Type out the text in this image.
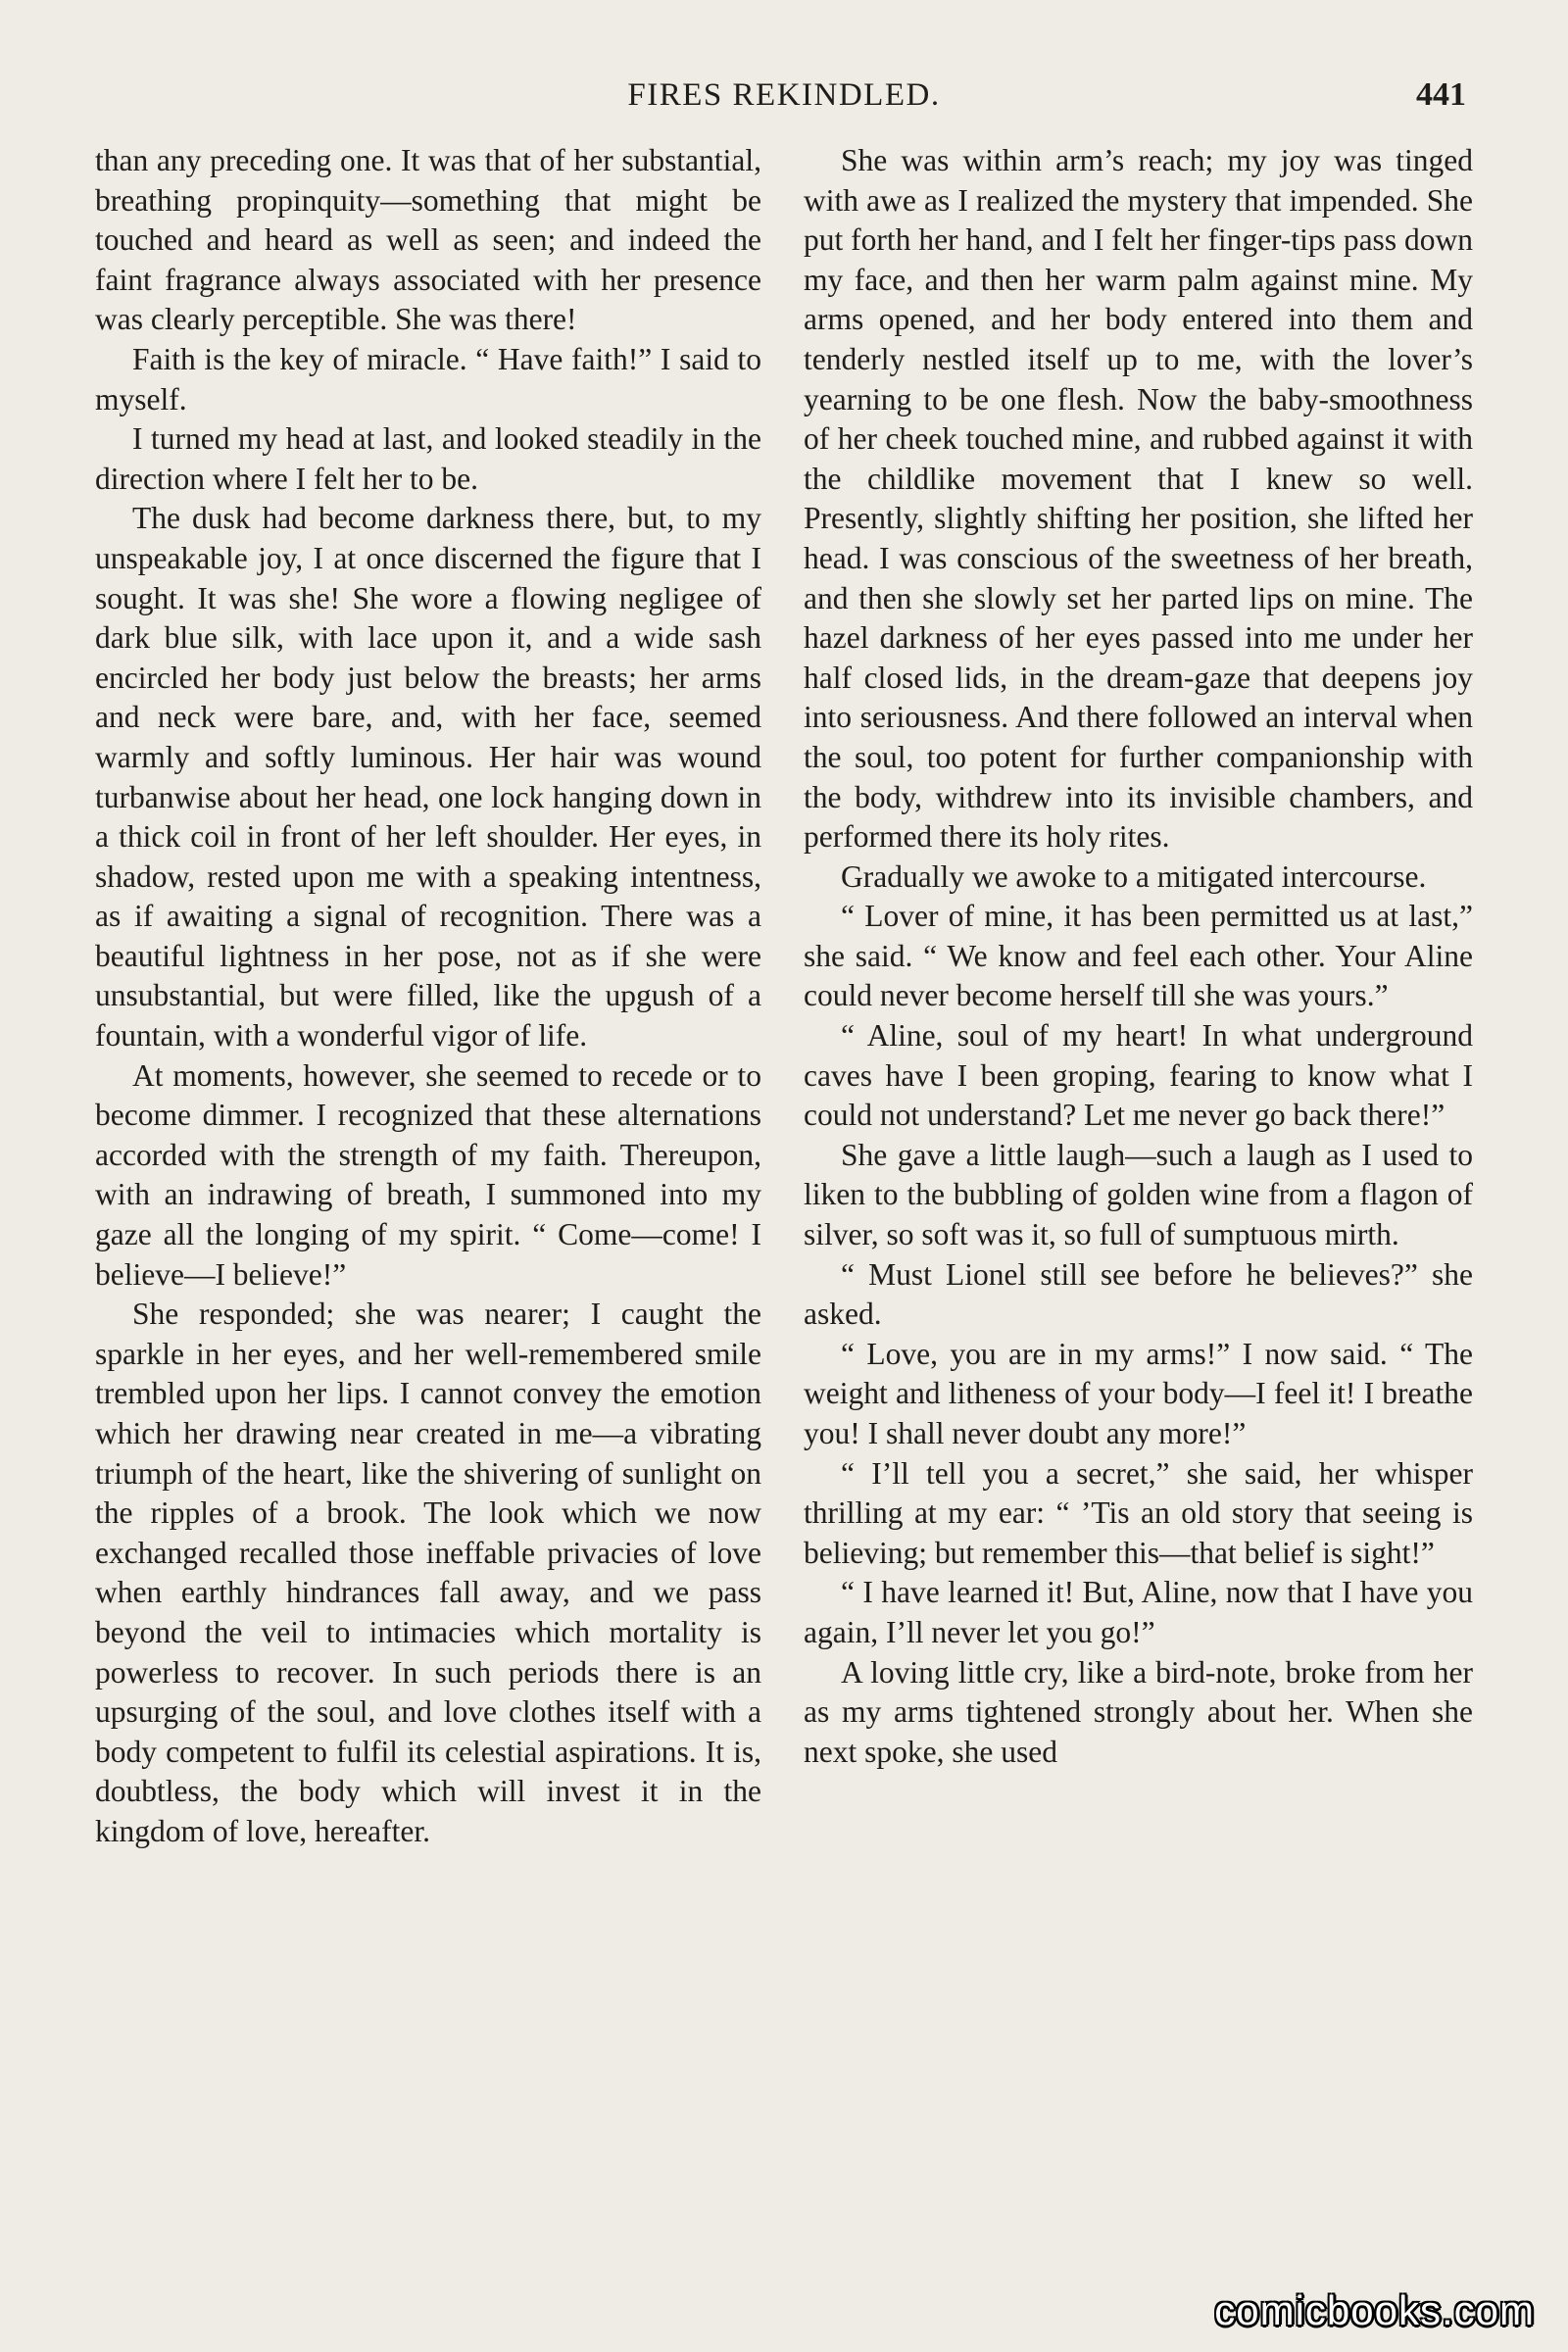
FIRES REKINDLED.	441

than any preceding one. It was that of her substantial, breathing propinquity—something that might be touched and heard as well as seen; and indeed the faint fragrance always associated with her presence was clearly perceptible. She was there!

Faith is the key of miracle. “ Have faith!” I said to myself.

I turned my head at last, and looked steadily in the direction where I felt her to be.

The dusk had become darkness there, but, to my unspeakable joy, I at once discerned the figure that I sought. It was she! She wore a flowing negligee of dark blue silk, with lace upon it, and a wide sash encircled her body just below the breasts; her arms and neck were bare, and, with her face, seemed warmly and softly luminous. Her hair was wound turbanwise about her head, one lock hanging down in a thick coil in front of her left shoulder. Her eyes, in shadow, rested upon me with a speaking intentness, as if awaiting a signal of recognition. There was a beautiful lightness in her pose, not as if she were unsubstantial, but were filled, like the upgush of a fountain, with a wonderful vigor of life.

At moments, however, she seemed to recede or to become dimmer. I recognized that these alternations accorded with the strength of my faith. Thereupon, with an indrawing of breath, I summoned into my gaze all the longing of my spirit. “ Come—come! I believe—I believe!”

She responded; she was nearer; I caught the sparkle in her eyes, and her well-remembered smile trembled upon her lips. I cannot convey the emotion which her drawing near created in me—a vibrating triumph of the heart, like the shivering of sunlight on the ripples of a brook. The look which we now exchanged recalled those ineffable privacies of love when earthly hindrances fall away, and we pass beyond the veil to intimacies which mortality is powerless to recover. In such periods there is an upsurging of the soul, and love clothes itself with a body competent to fulfil its celestial aspirations. It is, doubtless, the body which will invest it in the kingdom of love, hereafter.

She was within arm’s reach; my joy was tinged with awe as I realized the mystery that impended. She put forth her hand, and I felt her finger-tips pass down my face, and then her warm palm against mine. My arms opened, and her body entered into them and tenderly nestled itself up to me, with the lover’s yearning to be one flesh. Now the baby-smoothness of her cheek touched mine, and rubbed against it with the childlike movement that I knew so well. Presently, slightly shifting her position, she lifted her head. I was conscious of the sweetness of her breath, and then she slowly set her parted lips on mine. The hazel darkness of her eyes passed into me under her half closed lids, in the dream-gaze that deepens joy into seriousness. And there followed an interval when the soul, too potent for further companionship with the body, withdrew into its invisible chambers, and performed there its holy rites.

Gradually we awoke to a mitigated intercourse.

“ Lover of mine, it has been permitted us at last,” she said. “ We know and feel each other. Your Aline could never become herself till she was yours.”

“ Aline, soul of my heart! In what underground caves have I been groping, fearing to know what I could not understand? Let me never go back there!”

She gave a little laugh—such a laugh as I used to liken to the bubbling of golden wine from a flagon of silver, so soft was it, so full of sumptuous mirth.

“ Must Lionel still see before he believes?” she asked.

“ Love, you are in my arms!” I now said. “ The weight and litheness of your body—I feel it! I breathe you! I shall never doubt any more!”

“ I’ll tell you a secret,” she said, her whisper thrilling at my ear: “ ’Tis an old story that seeing is believing; but remember this—that belief is sight!”

“ I have learned it! But, Aline, now that I have you again, I’ll never let you go!”

A loving little cry, like a bird-note, broke from her as my arms tightened strongly about her. When she next spoke, she used

comicbooks.com
